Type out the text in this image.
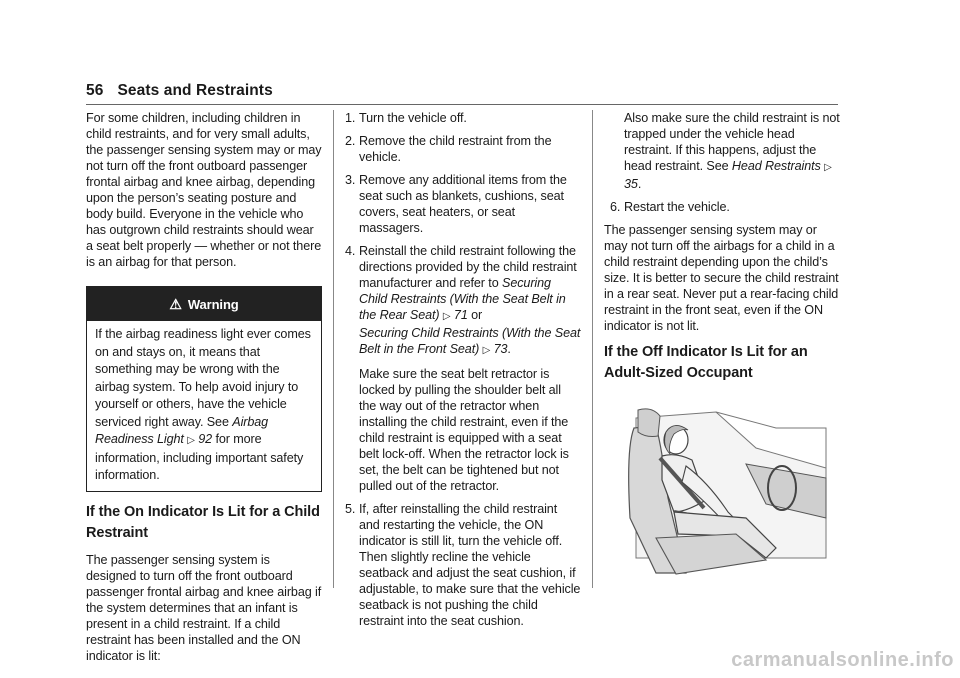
56 Seats and Restraints

For some children, including children in child restraints, and for very small adults, the passenger sensing system may or may not turn off the front outboard passenger frontal airbag and knee airbag, depending upon the person’s seating posture and body build. Everyone in the vehicle who has outgrown child restraints should wear a seat belt properly — whether or not there is an airbag for that person.

⚠ Warning
If the airbag readiness light ever comes on and stays on, it means that something may be wrong with the airbag system. To help avoid injury to yourself or others, have the vehicle serviced right away. See Airbag Readiness Light ▷ 92 for more information, including important safety information.
If the On Indicator Is Lit for a Child Restraint

The passenger sensing system is designed to turn off the front outboard passenger frontal airbag and knee airbag if the system determines that an infant is present in a child restraint. If a child restraint has been installed and the ON indicator is lit:

1. Turn the vehicle off.
2. Remove the child restraint from the vehicle.
3. Remove any additional items from the seat such as blankets, cushions, seat covers, seat heaters, or seat massagers.
4. Reinstall the child restraint following the directions provided by the child restraint manufacturer and refer to Securing Child Restraints (With the Seat Belt in the Rear Seat) ▷ 71 or
Securing Child Restraints (With the Seat Belt in the Front Seat) ▷ 73.
Make sure the seat belt retractor is locked by pulling the shoulder belt all the way out of the retractor when installing the child restraint, even if the child restraint is equipped with a seat belt lock-off. When the retractor lock is set, the belt can be tightened but not pulled out of the retractor.
5. If, after reinstalling the child restraint and restarting the vehicle, the ON indicator is still lit, turn the vehicle off. Then slightly recline the vehicle seatback and adjust the seat cushion, if adjustable, to make sure that the vehicle seatback is not pushing the child restraint into the seat cushion.
Also make sure the child restraint is not trapped under the vehicle head restraint. If this happens, adjust the head restraint. See Head Restraints ▷ 35.
6. Restart the vehicle.

The passenger sensing system may or may not turn off the airbags for a child in a child restraint depending upon the child’s size. It is better to secure the child restraint in a rear seat. Never put a rear-facing child restraint in the front seat, even if the ON indicator is not lit.

If the Off Indicator Is Lit for an Adult-Sized Occupant
carmanualsonline.info
